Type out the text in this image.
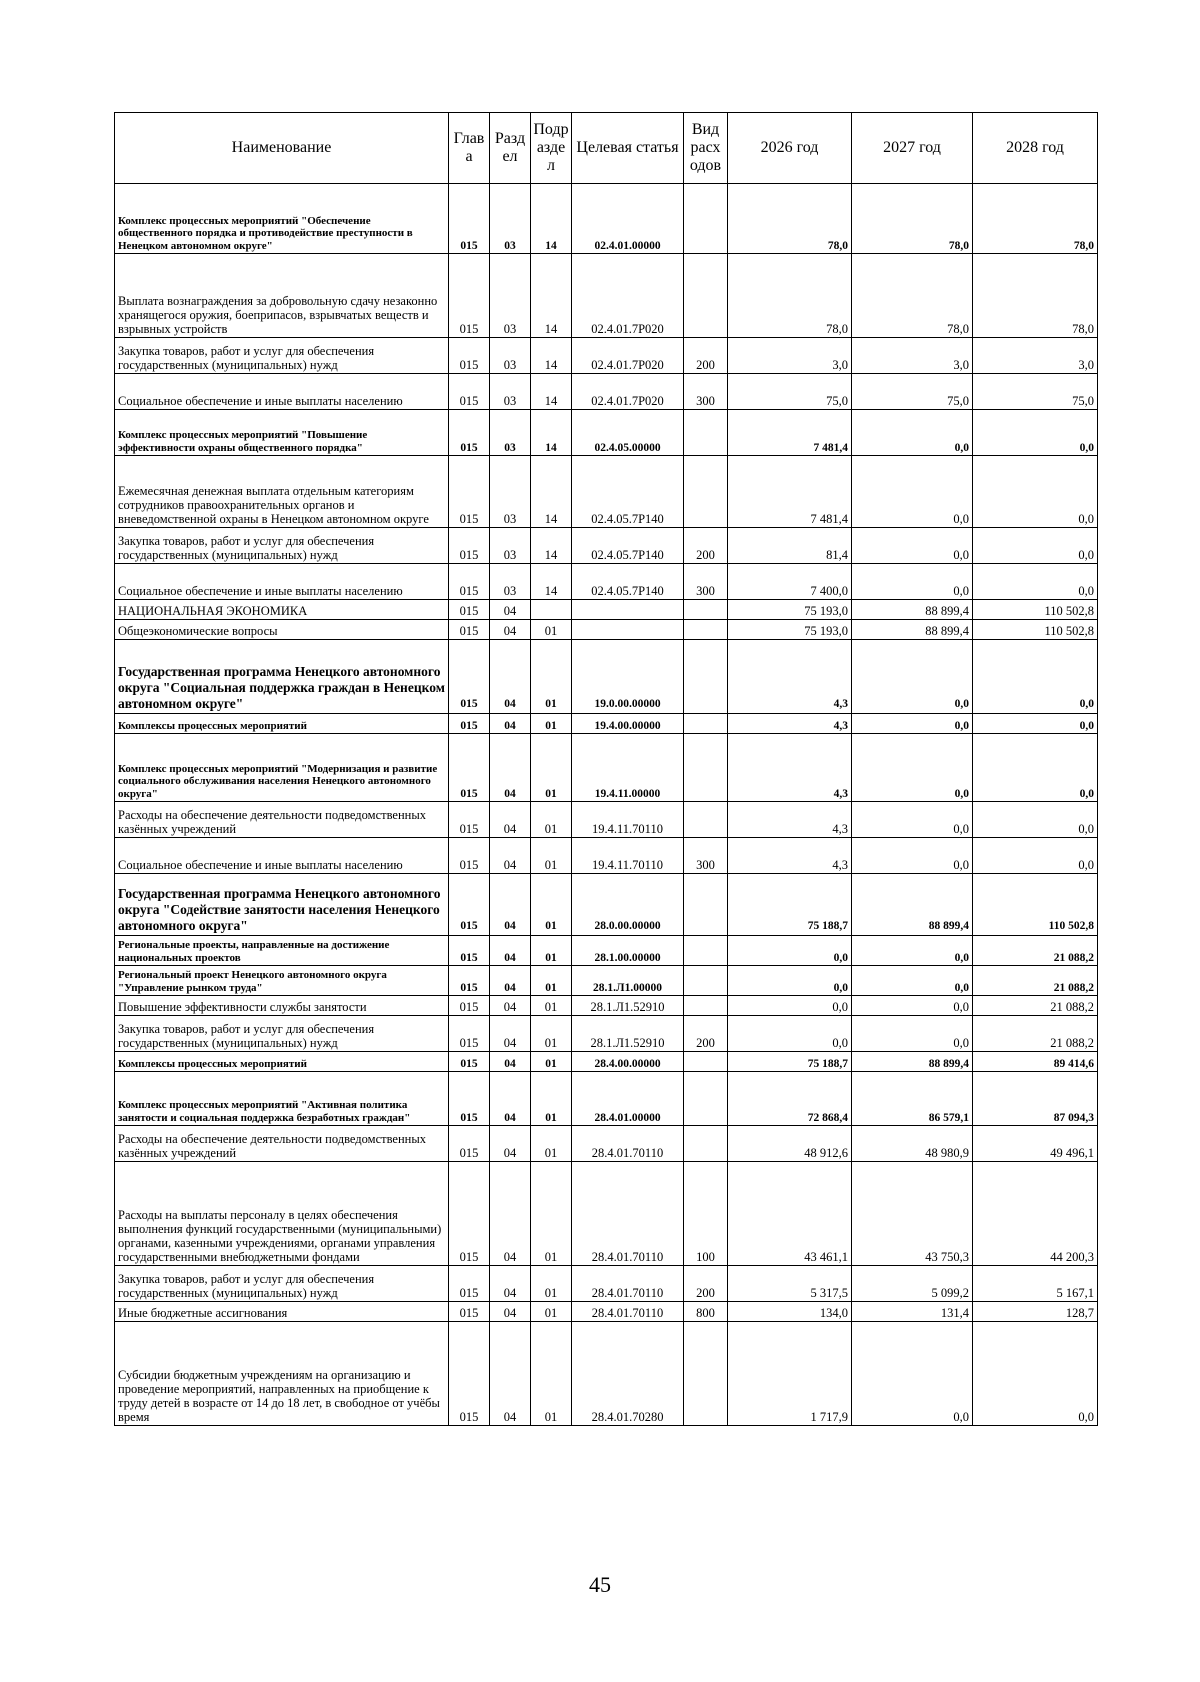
Наименование	Глав а	Разд ел	Подр азде л	Целевая статья	Вид расх одов	2026 год	2027 год	2028 год
Комплекс процессных мероприятий "Обеспечение общественного порядка и противодействие преступности в Ненецком автономном округе"	015	03	14	02.4.01.00000		78,0	78,0	78,0
Выплата вознаграждения за добровольную сдачу незаконно хранящегося оружия, боеприпасов, взрывчатых веществ и взрывных устройств	015	03	14	02.4.01.7Р020		78,0	78,0	78,0
Закупка товаров, работ и услуг для обеспечения государственных (муниципальных) нужд	015	03	14	02.4.01.7Р020	200	3,0	3,0	3,0
Социальное обеспечение и иные выплаты населению	015	03	14	02.4.01.7Р020	300	75,0	75,0	75,0
Комплекс процессных мероприятий "Повышение эффективности охраны общественного порядка"	015	03	14	02.4.05.00000		7 481,4	0,0	0,0
Ежемесячная денежная выплата отдельным категориям сотрудников правоохранительных органов и вневедомственной охраны в Ненецком автономном округе	015	03	14	02.4.05.7Р140		7 481,4	0,0	0,0
Закупка товаров, работ и услуг для обеспечения государственных (муниципальных) нужд	015	03	14	02.4.05.7Р140	200	81,4	0,0	0,0
Социальное обеспечение и иные выплаты населению	015	03	14	02.4.05.7Р140	300	7 400,0	0,0	0,0
НАЦИОНАЛЬНАЯ ЭКОНОМИКА	015	04				75 193,0	88 899,4	110 502,8
Общеэкономические вопросы	015	04	01			75 193,0	88 899,4	110 502,8
Государственная программа Ненецкого автономного округа "Социальная поддержка граждан в Ненецком автономном округе"	015	04	01	19.0.00.00000		4,3	0,0	0,0
Комплексы процессных мероприятий	015	04	01	19.4.00.00000		4,3	0,0	0,0
Комплекс процессных мероприятий "Модернизация и развитие социального обслуживания населения Ненецкого автономного округа"	015	04	01	19.4.11.00000		4,3	0,0	0,0
Расходы на обеспечение деятельности подведомственных казённых учреждений	015	04	01	19.4.11.70110		4,3	0,0	0,0
Социальное обеспечение и иные выплаты населению	015	04	01	19.4.11.70110	300	4,3	0,0	0,0
Государственная программа Ненецкого автономного округа "Содействие занятости населения Ненецкого автономного округа"	015	04	01	28.0.00.00000		75 188,7	88 899,4	110 502,8
Региональные проекты, направленные на достижение национальных проектов	015	04	01	28.1.00.00000		0,0	0,0	21 088,2
Региональный проект Ненецкого автономного округа "Управление рынком труда"	015	04	01	28.1.Л1.00000		0,0	0,0	21 088,2
Повышение эффективности службы занятости	015	04	01	28.1.Л1.52910		0,0	0,0	21 088,2
Закупка товаров, работ и услуг для обеспечения государственных (муниципальных) нужд	015	04	01	28.1.Л1.52910	200	0,0	0,0	21 088,2
Комплексы процессных мероприятий	015	04	01	28.4.00.00000		75 188,7	88 899,4	89 414,6
Комплекс процессных мероприятий "Активная политика занятости и социальная поддержка безработных граждан"	015	04	01	28.4.01.00000		72 868,4	86 579,1	87 094,3
Расходы на обеспечение деятельности подведомственных казённых учреждений	015	04	01	28.4.01.70110		48 912,6	48 980,9	49 496,1
Расходы на выплаты персоналу в целях обеспечения выполнения функций государственными (муниципальными) органами, казенными учреждениями, органами управления государственными внебюджетными фондами	015	04	01	28.4.01.70110	100	43 461,1	43 750,3	44 200,3
Закупка товаров, работ и услуг для обеспечения государственных (муниципальных) нужд	015	04	01	28.4.01.70110	200	5 317,5	5 099,2	5 167,1
Иные бюджетные ассигнования	015	04	01	28.4.01.70110	800	134,0	131,4	128,7
Субсидии бюджетным учреждениям на организацию и проведение мероприятий, направленных на приобщение к труду детей в возрасте от 14 до 18 лет, в свободное от учёбы время	015	04	01	28.4.01.70280		1 717,9	0,0	0,0
45
